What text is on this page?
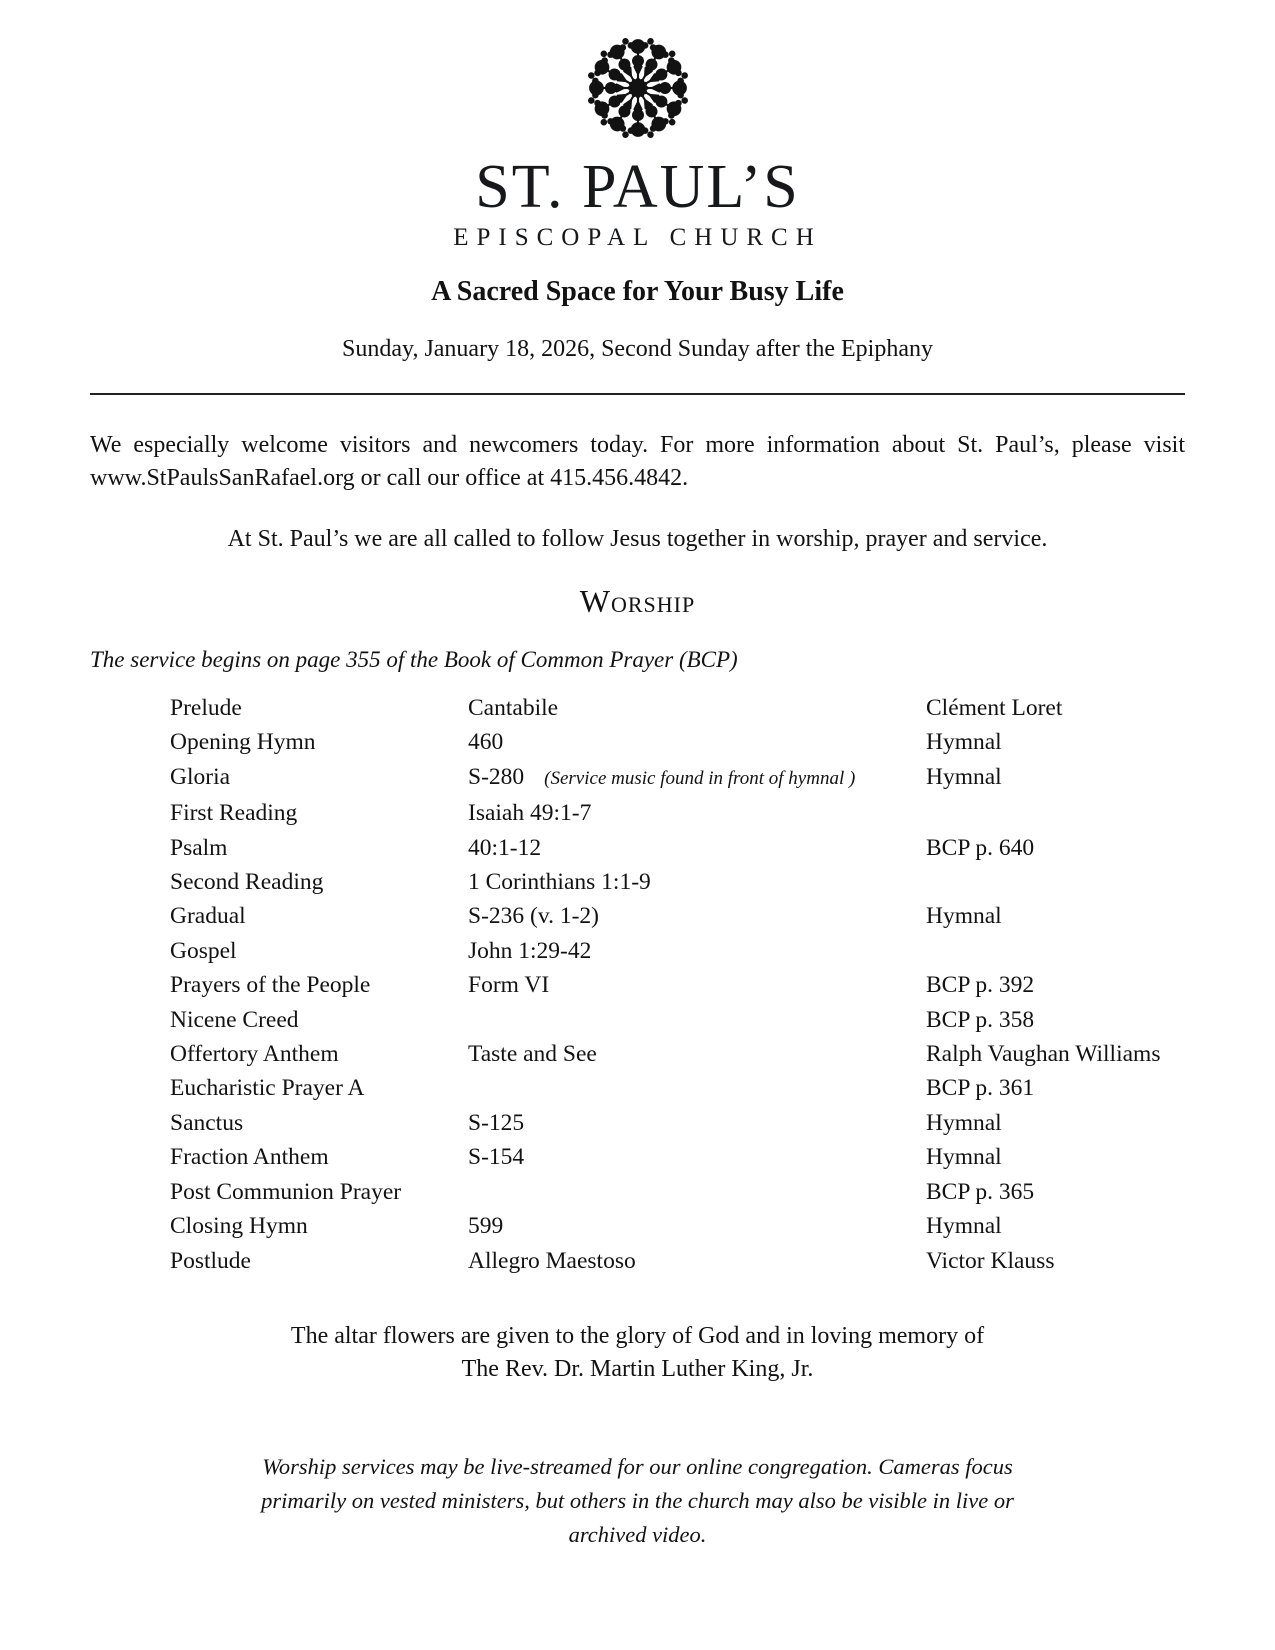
ST. PAUL’S
EPISCOPAL CHURCH
A Sacred Space for Your Busy Life
Sunday, January 18, 2026, Second Sunday after the Epiphany

We especially welcome visitors and newcomers today. For more information about St. Paul’s, please visit www.StPaulsSanRafael.org or call our office at 415.456.4842.

At St. Paul’s we are all called to follow Jesus together in worship, prayer and service.

Worship

The service begins on page 355 of the Book of Common Prayer (BCP)

Prelude	Cantabile	Clément Loret
Opening Hymn	460	Hymnal
Gloria	S-280 (Service music found in front of hymnal )	Hymnal
First Reading	Isaiah 49:1-7	
Psalm	40:1-12	BCP p. 640
Second Reading	1 Corinthians 1:1-9	
Gradual	S-236 (v. 1-2)	Hymnal
Gospel	John 1:29-42	
Prayers of the People	Form VI	BCP p. 392
Nicene Creed		BCP p. 358
Offertory Anthem	Taste and See	Ralph Vaughan Williams
Eucharistic Prayer A		BCP p. 361
Sanctus	S-125	Hymnal
Fraction Anthem	S-154	Hymnal
Post Communion Prayer		BCP p. 365
Closing Hymn	599	Hymnal
Postlude	Allegro Maestoso	Victor Klauss
The altar flowers are given to the glory of God and in loving memory of
The Rev. Dr. Martin Luther King, Jr.

Worship services may be live-streamed for our online congregation. Cameras focus primarily on vested ministers, but others in the church may also be visible in live or archived video.
